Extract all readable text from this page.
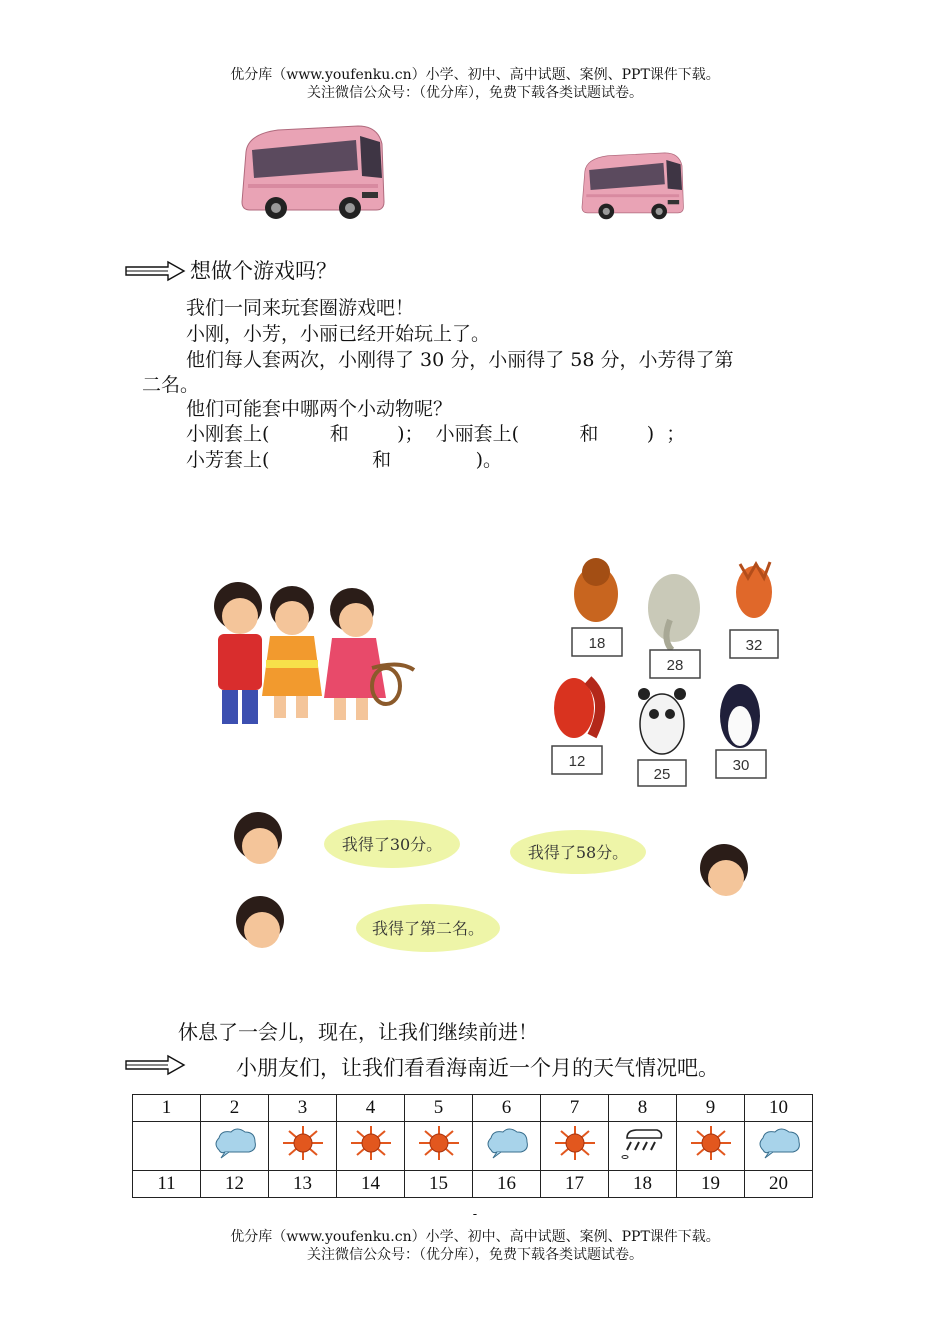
优分库（www.youfenku.cn）小学、初中、高中试题、案例、PPT课件下载。
关注微信公众号：（优分库），免费下载各类试题试卷。
想做个游戏吗？
我们一同来玩套圈游戏吧！
小刚，小芳，小丽已经开始玩上了。
他们每人套两次，小刚得了 30 分，小丽得了 58 分，小芳得了第
二名。
他们可能套中哪两个小动物呢？
小刚套上(          和        )；  小丽套上(          和        )  ；
小芳套上(                 和              )。
18
28
32
12
25
30
我得了30分。	我得了58分。
我得了第二名。
休息了一会儿，现在，让我们继续前进！
小朋友们，让我们看看海南近一个月的天气情况吧。
1	2	3	4	5	6	7	8	9	10

11	12	13	14	15	16	17	18	19	20
-
优分库（www.youfenku.cn）小学、初中、高中试题、案例、PPT课件下载。
关注微信公众号：（优分库），免费下载各类试题试卷。
